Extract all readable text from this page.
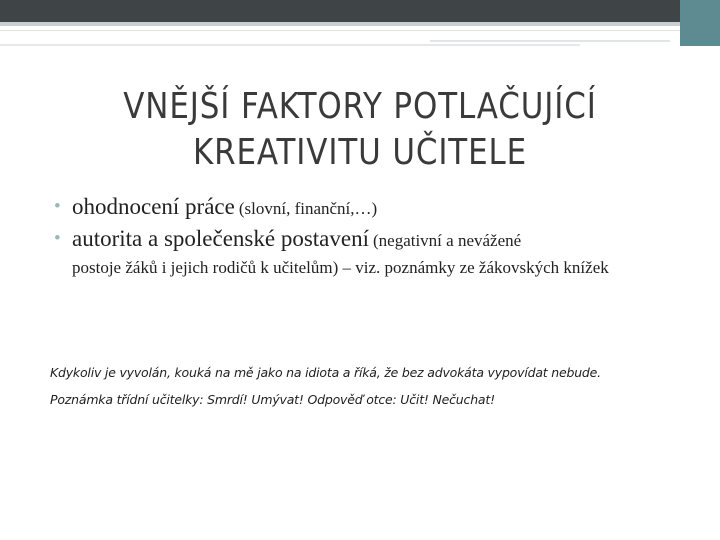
VNĚJŠÍ FAKTORY POTLAČUJÍCÍ KREATIVITU UČITELE
• ohodnocení práce (slovní, finanční,…)
• autorita a společenské postavení (negativní a nevážené
postoje žáků i jejich rodičů k učitelům) – viz. poznámky ze žákovských knížek
Kdykoliv je vyvolán, kouká na mě jako na idiota a říká, že bez advokáta vypovídat nebude.
Poznámka třídní učitelky: Smrdí! Umývat! Odpověď otce: Učit! Nečuchat!
